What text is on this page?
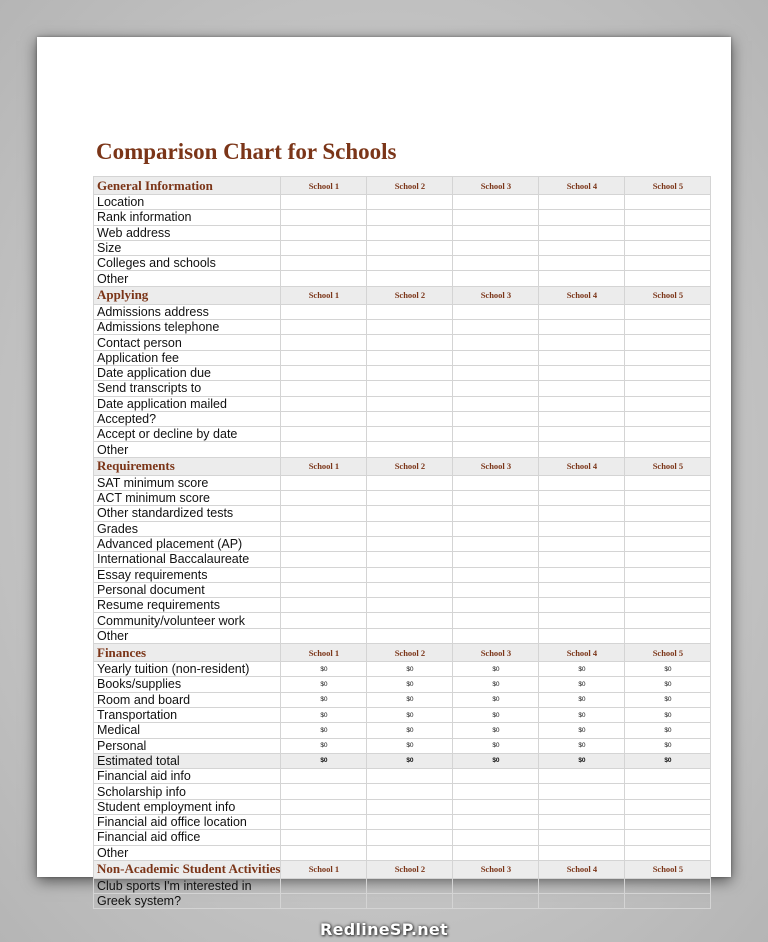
Comparison Chart for Schools
General Information	School 1	School 2	School 3	School 4	School 5
Location					
Rank information					
Web address					
Size					
Colleges and schools					
Other					
Applying	School 1	School 2	School 3	School 4	School 5
Admissions address					
Admissions telephone					
Contact person					
Application fee					
Date application due					
Send transcripts to					
Date application mailed					
Accepted?					
Accept or decline by date					
Other					
Requirements	School 1	School 2	School 3	School 4	School 5
SAT minimum score					
ACT minimum score					
Other standardized tests					
Grades					
Advanced placement (AP)					
International Baccalaureate					
Essay requirements					
Personal document					
Resume requirements					
Community/volunteer work					
Other					
Finances	School 1	School 2	School 3	School 4	School 5
Yearly tuition (non-resident)	$0	$0	$0	$0	$0
Books/supplies	$0	$0	$0	$0	$0
Room and board	$0	$0	$0	$0	$0
Transportation	$0	$0	$0	$0	$0
Medical	$0	$0	$0	$0	$0
Personal	$0	$0	$0	$0	$0
Estimated total	$0	$0	$0	$0	$0
Financial aid info					
Scholarship info					
Student employment info					
Financial aid office location					
Financial aid office					
Other					
Non-Academic Student Activities	School 1	School 2	School 3	School 4	School 5
Club sports I'm interested in					
Greek system?					
RedlineSP.net
